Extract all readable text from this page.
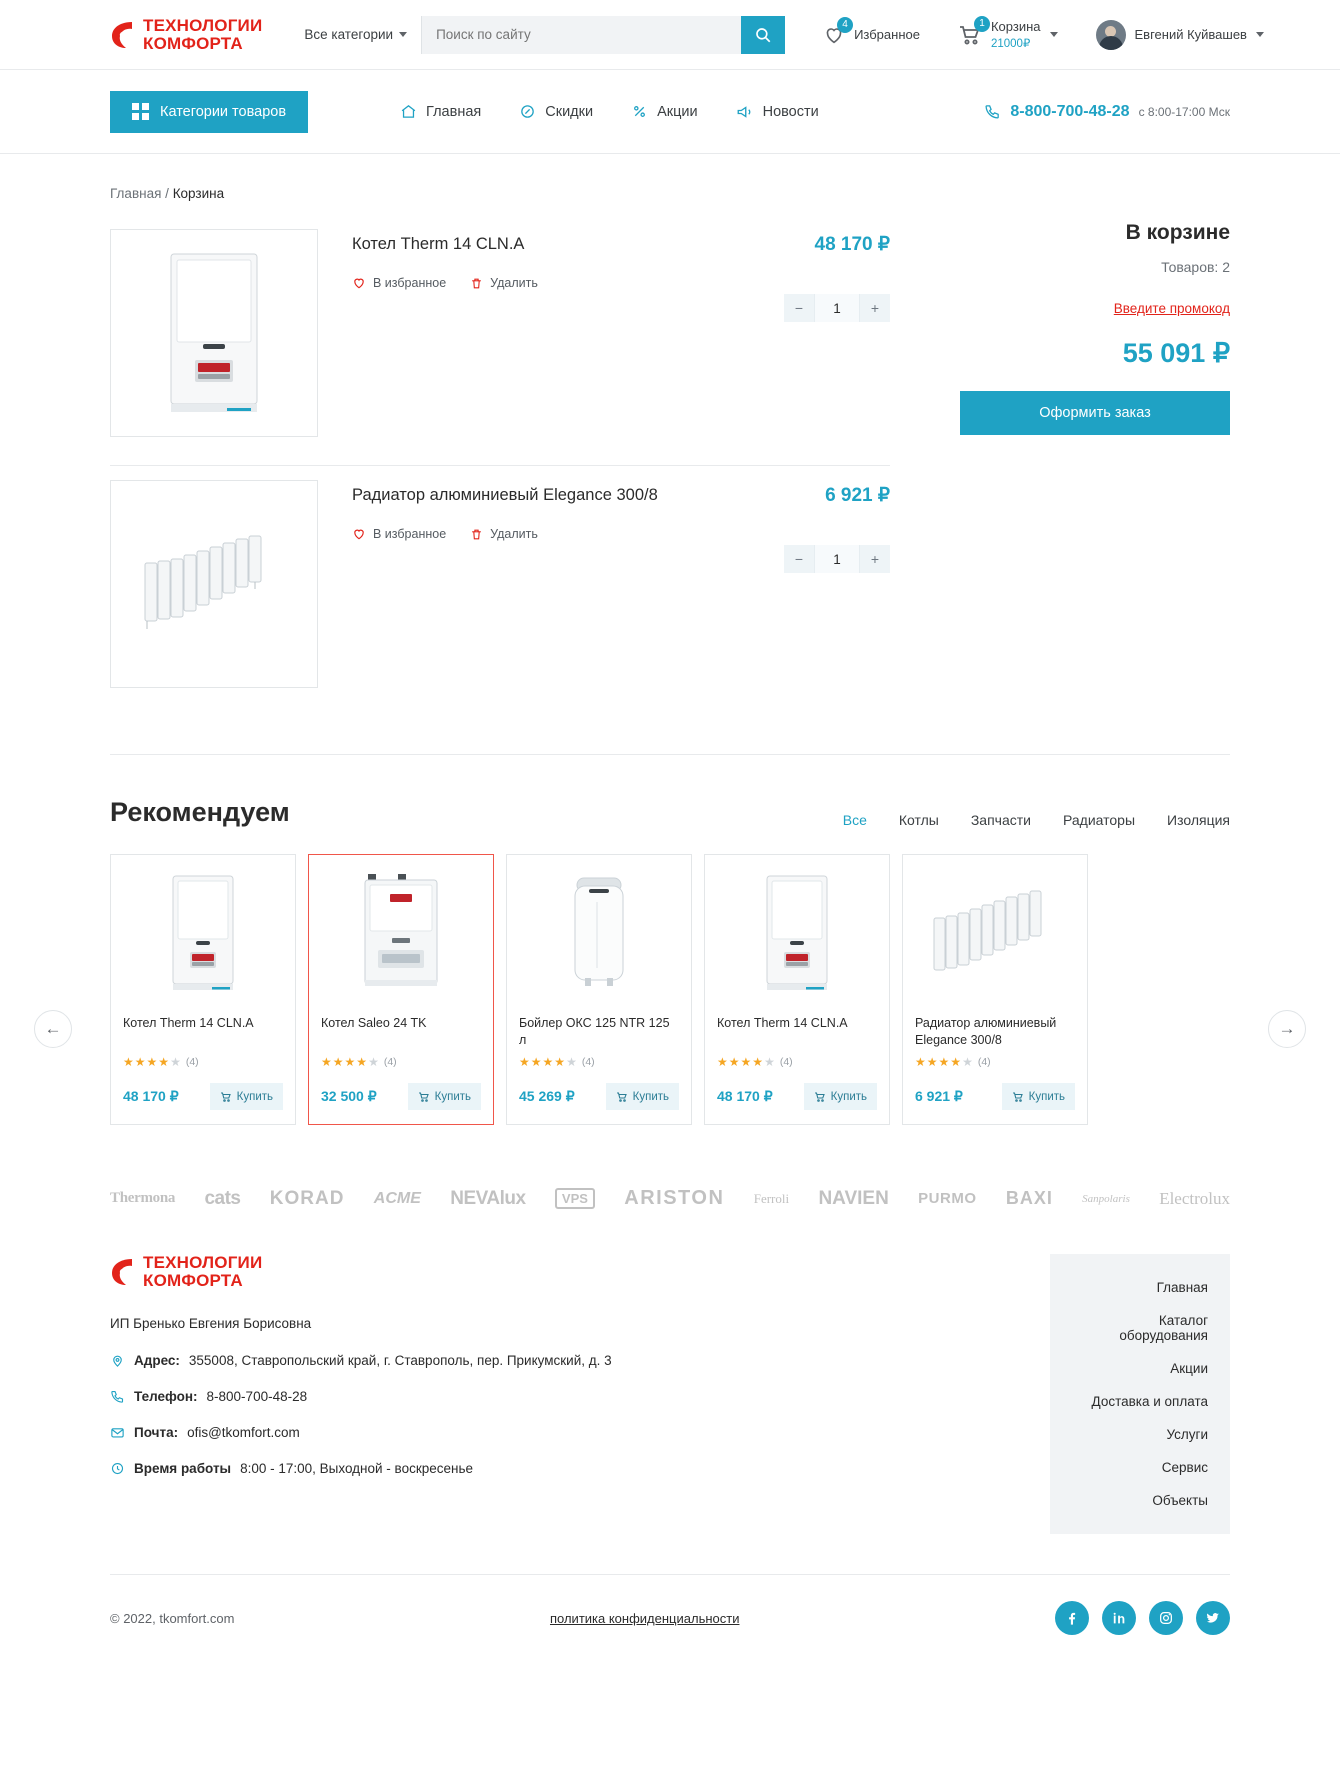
ТЕХНОЛОГИИ
КОМФОРТА	Все категории
Поиск по сайту
4
Избранное
1 Корзина
21000₽
Евгений Куйвашев
Категории товаров	Главная	Скидки	Акции	Новости	8-800-700-48-28 с 8:00-17:00 Мск
Главная / Корзина
Котел Therm 14 CLN.A
В избранное	Удалить
48 170 ₽
−	1	+
Радиатор алюминиевый Elegance 300/8
В избранное	Удалить
6 921 ₽
−	1	+
В корзине
Товаров: 2
Введите промокод
55 091 ₽
Оформить заказ
Рекомендуем	Все Котлы Запчасти Радиаторы Изоляция
Котел Therm 14 CLN.A
★ ★ ★ ★ ★ (4)
48 170 ₽	Купить
Котел Saleo 24 TK
★ ★ ★ ★ ★ (4)
32 500 ₽	Купить
Бойлер ОКС 125 NTR 125 л
★ ★ ★ ★ ★ (4)
45 269 ₽	Купить
Котел Therm 14 CLN.A
★ ★ ★ ★ ★ (4)
48 170 ₽	Купить
Радиатор алюминиевый Elegance 300/8
★ ★ ★ ★ ★ (4)
6 921 ₽	Купить
Thermona cats KORAD ACME NEVAlux	VPS	ARISTON Ferroli NAVIEN PURMO BAXI	Sanpolaris Electrolux
ТЕХНОЛОГИИ
КОМФОРТА
ИП Бренько Евгения Борисовна
Адрес: 355008, Ставропольский край, г. Ставрополь, пер. Прикумский, д. 3
Телефон: 8-800-700-48-28
Почта: ofis@tkomfort.com
Время работы 8:00 - 17:00, Выходной - воскресенье
Главная
Каталог оборудования
Акции
Доставка и оплата
Услуги
Сервис
Объекты
© 2022, tkomfort.com	политика конфиденциальности
←	→
